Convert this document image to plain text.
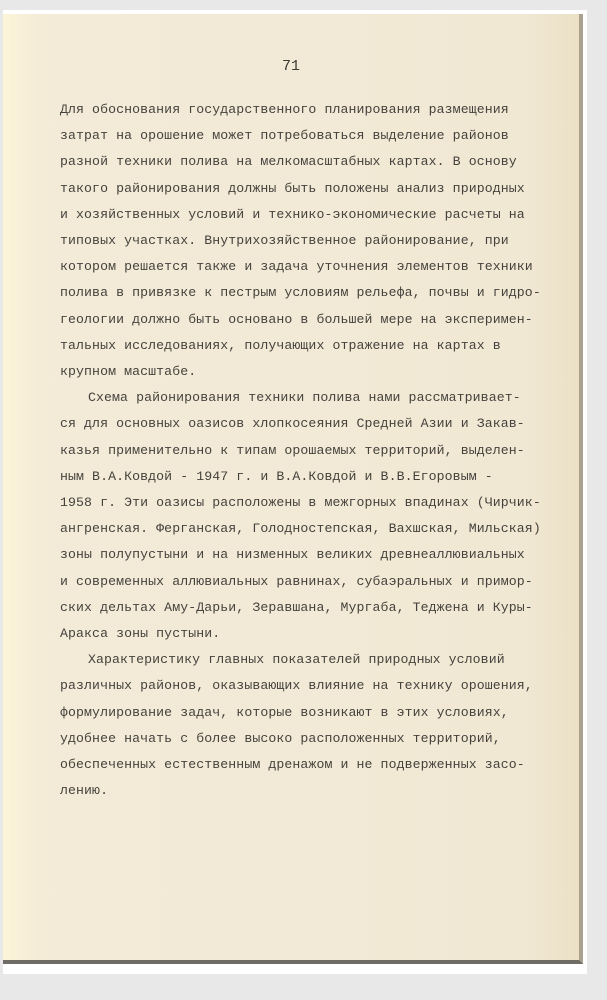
71
Для обоснования государственного планирования размещения
затрат на орошение может потребоваться выделение районов
разной техники полива на мелкомасштабных картах. В основу
такого районирования должны быть положены анализ природных
и хозяйственных условий и технико-экономические расчеты на
типовых участках. Внутрихозяйственное районирование, при
котором решается также и задача уточнения элементов техники
полива в привязке к пестрым условиям рельефа, почвы и гидро-
геологии должно быть основано в большей мере на эксперимен-
тальных исследованиях, получающих отражение на картах в
крупном масштабе.
Схема районирования техники полива нами рассматривает-
ся для основных оазисов хлопкосеяния Средней Азии и Закав-
казья применительно к типам орошаемых территорий, выделен-
ным В.А.Ковдой - 1947 г. и В.А.Ковдой и В.В.Егоровым -
1958 г. Эти оазисы расположены в межгорных впадинах (Чирчик-
ангренская. Ферганская, Голодностепская, Вахшская, Мильская)
зоны полупустыни и на низменных великих древнеаллювиальных
и современных аллювиальных равнинах, субаэральных и примор-
ских дельтах Аму-Дарьи, Зеравшана, Мургаба, Теджена и Куры-
Аракса зоны пустыни.
Характеристику главных показателей природных условий
различных районов, оказывающих влияние на технику орошения,
формулирование задач, которые возникают в этих условиях,
удобнее начать с более высоко расположенных территорий,
обеспеченных естественным дренажом и не подверженных засо-
лению.
